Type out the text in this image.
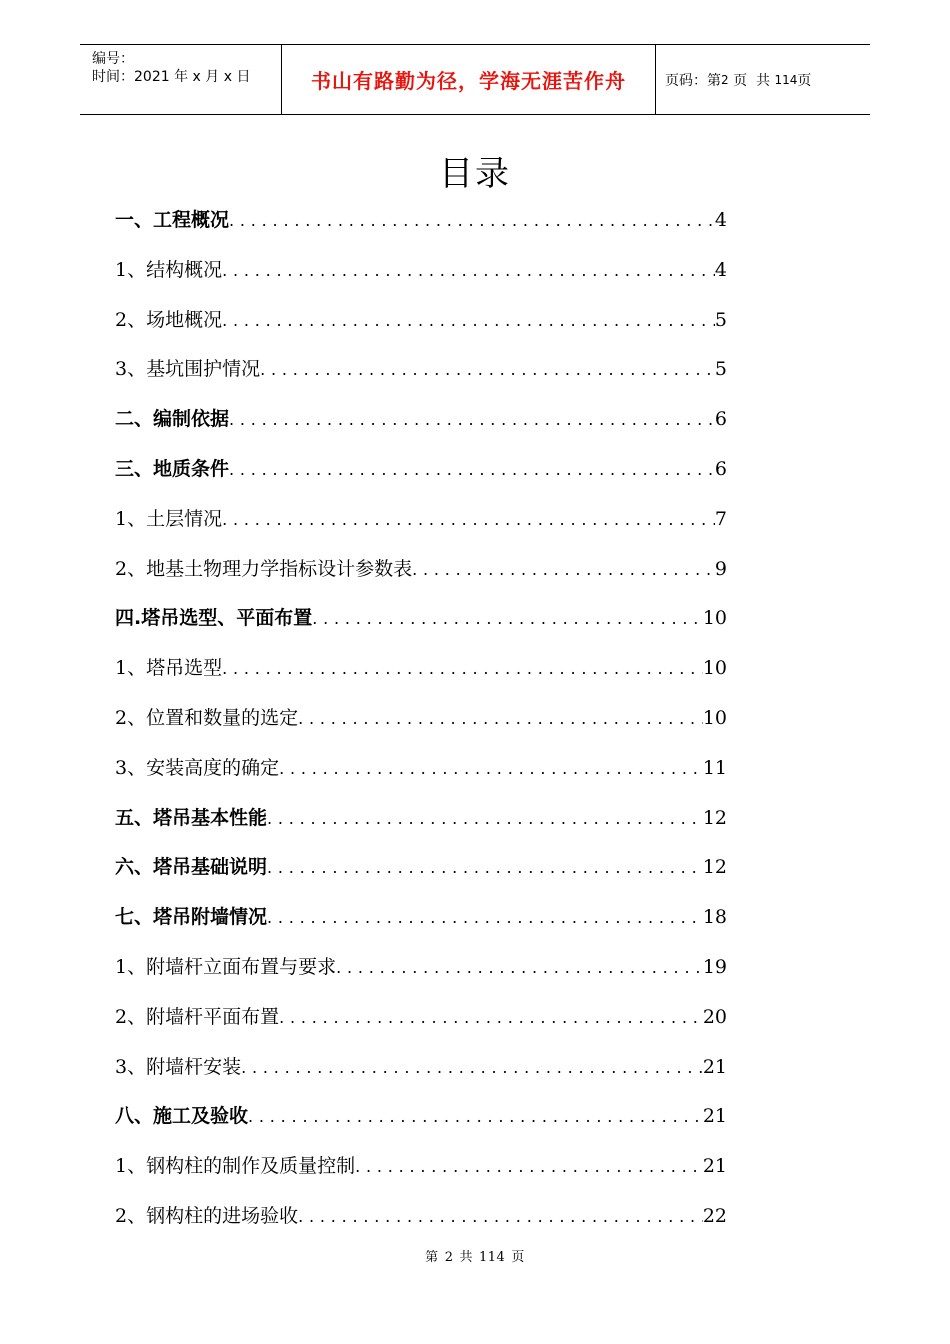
编号：
时间：2021 年 x 月 x 日	书山有路勤为径，学海无涯苦作舟	页码：第 2 页  共 114 页
目录
一、工程概况 .....	4
1、结构概况 .....	4
2、场地概况 .....	5
3、基坑围护情况 .....	5
二、编制依据 .....	6
三、地质条件 .....	6
1、土层情况 .....	7
2、地基土物理力学指标设计参数表 .....	9
四.塔吊选型、平面布置 .....	10
1、塔吊选型 .....	10
2、位置和数量的选定 .....	10
3、安装高度的确定 .....	11
五、塔吊基本性能 .....	12
六、塔吊基础说明 .....	12
七、塔吊附墙情况 .....	18
1、附墙杆立面布置与要求 .....	19
2、附墙杆平面布置 .....	20
3、附墙杆安装 .....	21
八、施工及验收 .....	21
1、钢构柱的制作及质量控制 .....	21
2、钢构柱的进场验收 .....	22
第 2 共 114 页
